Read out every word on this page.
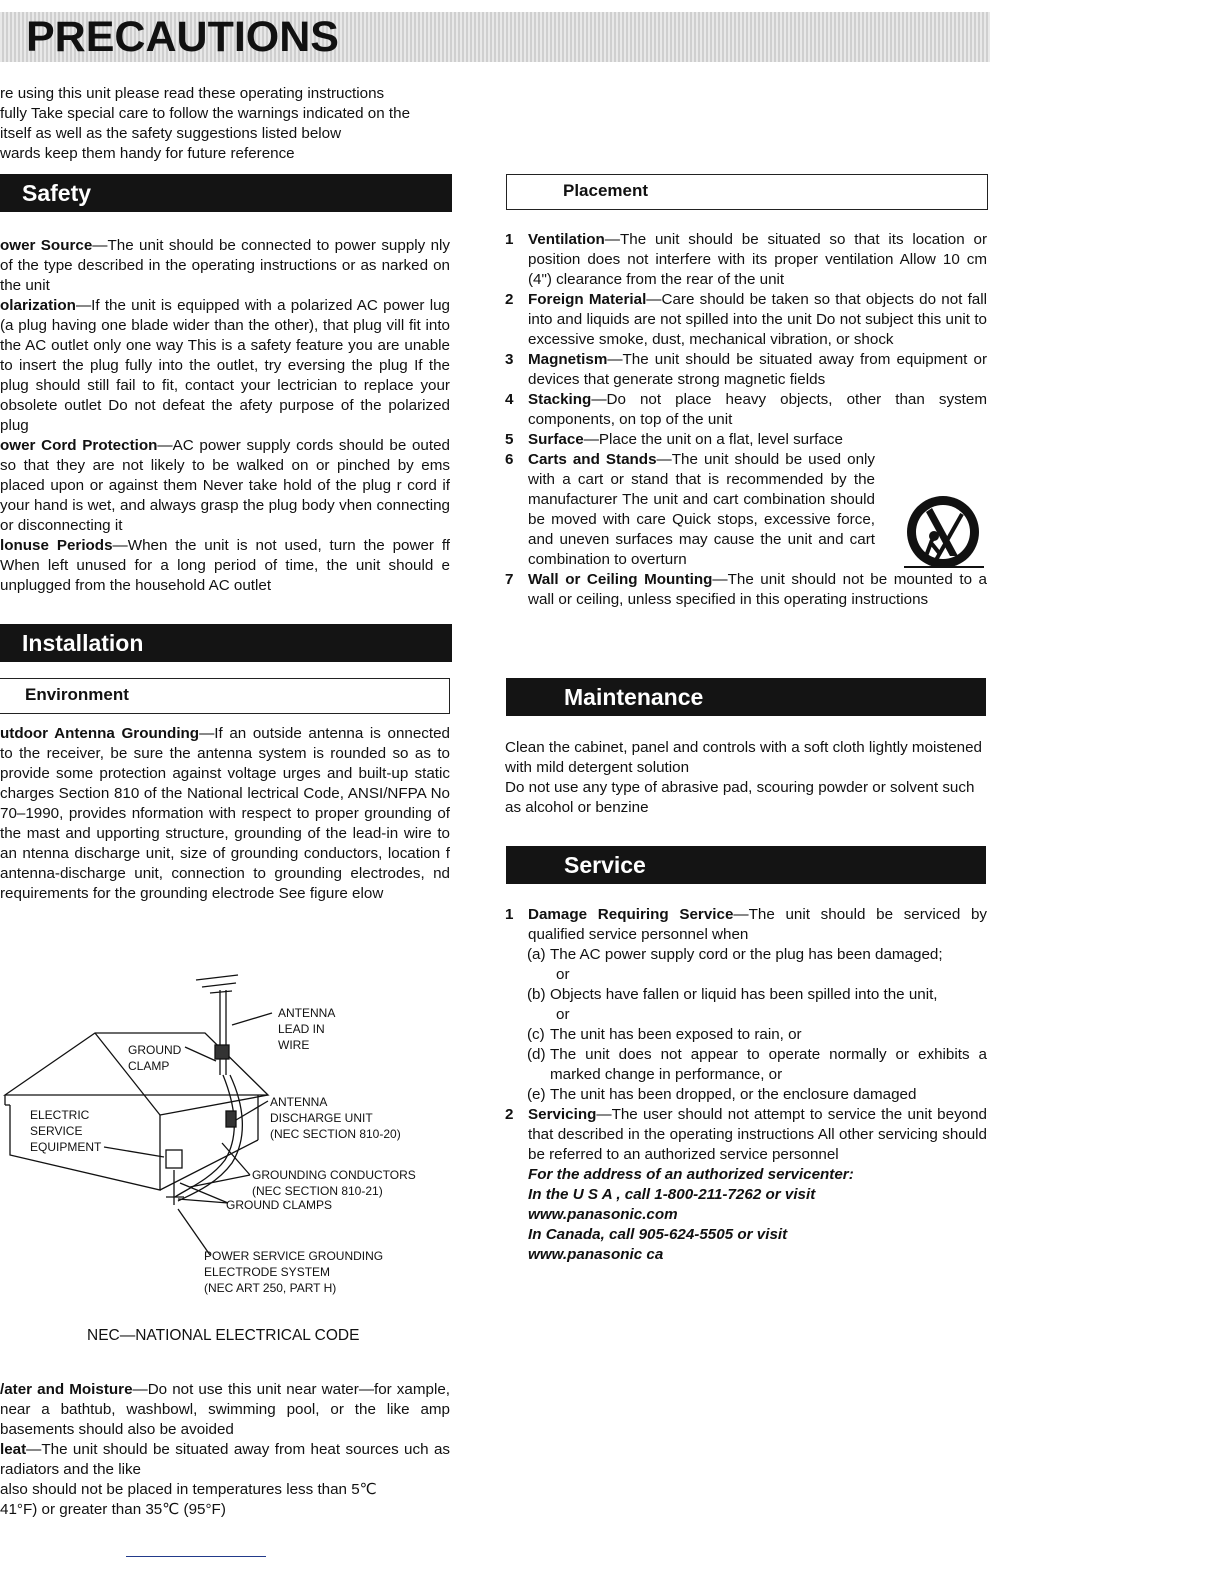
PRECAUTIONS

re using this unit please read these operating instructions

fully Take special care to follow the warnings indicated on the

itself as well as the safety suggestions listed below

wards keep them handy for future reference

Safety

ower Source—The unit should be connected to power supply nly of the type described in the operating instructions or as narked on the unit

olarization—If the unit is equipped with a polarized AC power lug (a plug having one blade wider than the other), that plug vill fit into the AC outlet only one way This is a safety feature you are unable to insert the plug fully into the outlet, try eversing the plug If the plug should still fail to fit, contact your lectrician to replace your obsolete outlet Do not defeat the afety purpose of the polarized plug

ower Cord Protection—AC power supply cords should be outed so that they are not likely to be walked on or pinched by ems placed upon or against them Never take hold of the plug r cord if your hand is wet, and always grasp the plug body vhen connecting or disconnecting it

lonuse Periods—When the unit is not used, turn the power ff When left unused for a long period of time, the unit should e unplugged from the household AC outlet

Installation
Environment

utdoor Antenna Grounding—If an outside antenna is onnected to the receiver, be sure the antenna system is rounded so as to provide some protection against voltage urges and built-up static charges Section 810 of the National lectrical Code, ANSI/NFPA No 70–1990, provides nformation with respect to proper grounding of the mast and upporting structure, grounding of the lead-in wire to an ntenna discharge unit, size of grounding conductors, location f antenna-discharge unit, connection to grounding electrodes, nd requirements for the grounding electrode See figure elow

ANTENNA
LEAD IN
WIRE
GROUND
CLAMP
ANTENNA
DISCHARGE UNIT
(NEC SECTION 810-20)
ELECTRIC
SERVICE
EQUIPMENT
GROUNDING CONDUCTORS
(NEC SECTION 810-21)
GROUND CLAMPS
POWER SERVICE GROUNDING
ELECTRODE SYSTEM
(NEC ART 250, PART H)
NEC—NATIONAL ELECTRICAL CODE

/ater and Moisture—Do not use this unit near water—for xample, near a bathtub, washbowl, swimming pool, or the like amp basements should also be avoided

leat—The unit should be situated away from heat sources uch as radiators and the like

also should not be placed in temperatures less than 5℃

41°F) or greater than 35℃ (95°F)

Placement
1 Ventilation—The unit should be situated so that its location or position does not interfere with its proper ventilation Allow 10 cm (4") clearance from the rear of the unit
2 Foreign Material—Care should be taken so that objects do not fall into and liquids are not spilled into the unit Do not subject this unit to excessive smoke, dust, mechanical vibration, or shock
3 Magnetism—The unit should be situated away from equipment or devices that generate strong magnetic fields
4 Stacking—Do not place heavy objects, other than system components, on top of the unit
5 Surface—Place the unit on a flat, level surface
6 Carts and Stands—The unit should be used only with a cart or stand that is recommended by the manufacturer The unit and cart combination should be moved with care Quick stops, excessive force, and uneven surfaces may cause the unit and cart combination to overturn
7 Wall or Ceiling Mounting—The unit should not be mounted to a wall or ceiling, unless specified in this operating instructions
Maintenance

Clean the cabinet, panel and controls with a soft cloth lightly moistened with mild detergent solution

Do not use any type of abrasive pad, scouring powder or solvent such as alcohol or benzine

Service
1 Damage Requiring Service—The unit should be serviced by qualified service personnel when
(a) The AC power supply cord or the plug has been damaged;
or
(b) Objects have fallen or liquid has been spilled into the unit,
or
(c) The unit has been exposed to rain, or
(d) The unit does not appear to operate normally or exhibits a marked change in performance, or
(e) The unit has been dropped, or the enclosure damaged
2 Servicing—The user should not attempt to service the unit beyond that described in the operating instructions All other servicing should be referred to an authorized service personnel
For the address of an authorized servicenter:
In the U S A , call 1-800-211-7262 or visit
www.panasonic.com
In Canada, call 905-624-5505 or visit
www.panasonic ca
